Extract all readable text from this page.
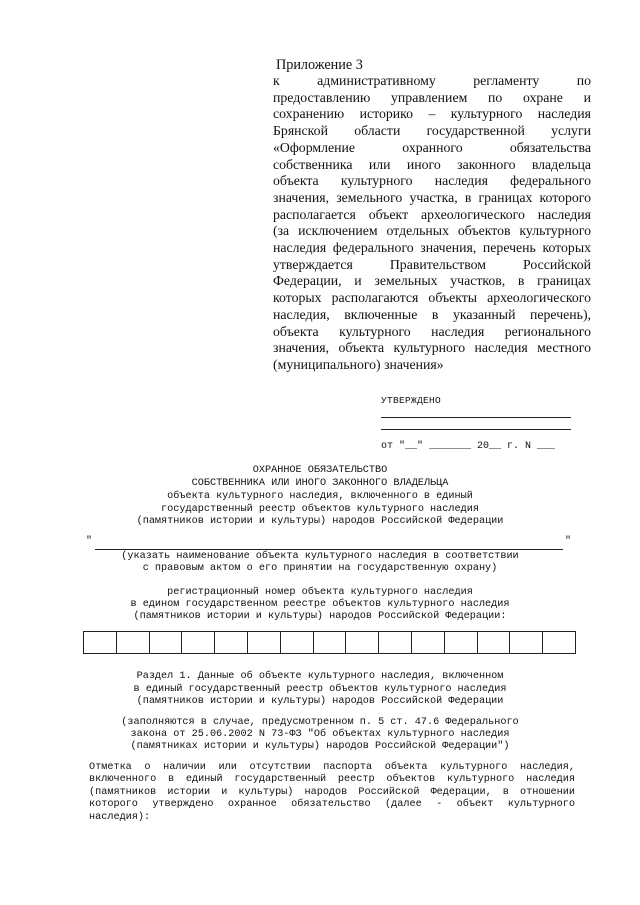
Приложение 3
к административному регламенту по
предоставлению управлением по охране и
сохранению историко – культурного наследия
Брянской области государственной услуги
«Оформление охранного обязательства
собственника или иного законного владельца
объекта культурного наследия федерального
значения, земельного участка, в границах которого
располагается объект археологического наследия
(за исключением отдельных объектов культурного
наследия федерального значения, перечень которых
утверждается Правительством Российской
Федерации, и земельных участков, в границах
которых располагаются объекты археологического
наследия, включенные в указанный перечень),
объекта культурного наследия регионального
значения, объекта культурного наследия местного
(муниципального) значения»
УТВЕРЖДЕНО
от "__" _______ 20__ г. N ___
ОХРАННОЕ ОБЯЗАТЕЛЬСТВО
СОБСТВЕННИКА ИЛИ ИНОГО ЗАКОННОГО ВЛАДЕЛЬЦА
объекта культурного наследия, включенного в единый
государственный реестр объектов культурного наследия
(памятников истории и культуры) народов Российской Федерации
"	"
(указать наименование объекта культурного наследия в соответствии
с правовым актом о его принятии на государственную охрану)
регистрационный номер объекта культурного наследия
в едином государственном реестре объектов культурного наследия
(памятников истории и культуры) народов Российской Федерации:
Раздел 1. Данные об объекте культурного наследия, включенном
в единый государственный реестр объектов культурного наследия
(памятников истории и культуры) народов Российской Федерации
(заполняются в случае, предусмотренном п. 5 ст. 47.6 Федерального
закона от 25.06.2002 N 73-ФЗ "Об объектах культурного наследия
(памятниках истории и культуры) народов Российской Федерации")
Отметка о наличии или отсутствии паспорта объекта культурного наследия,
включенного в единый государственный реестр объектов культурного наследия
(памятников истории и культуры) народов Российской Федерации, в отношении
которого утверждено охранное обязательство (далее - объект культурного
наследия):
